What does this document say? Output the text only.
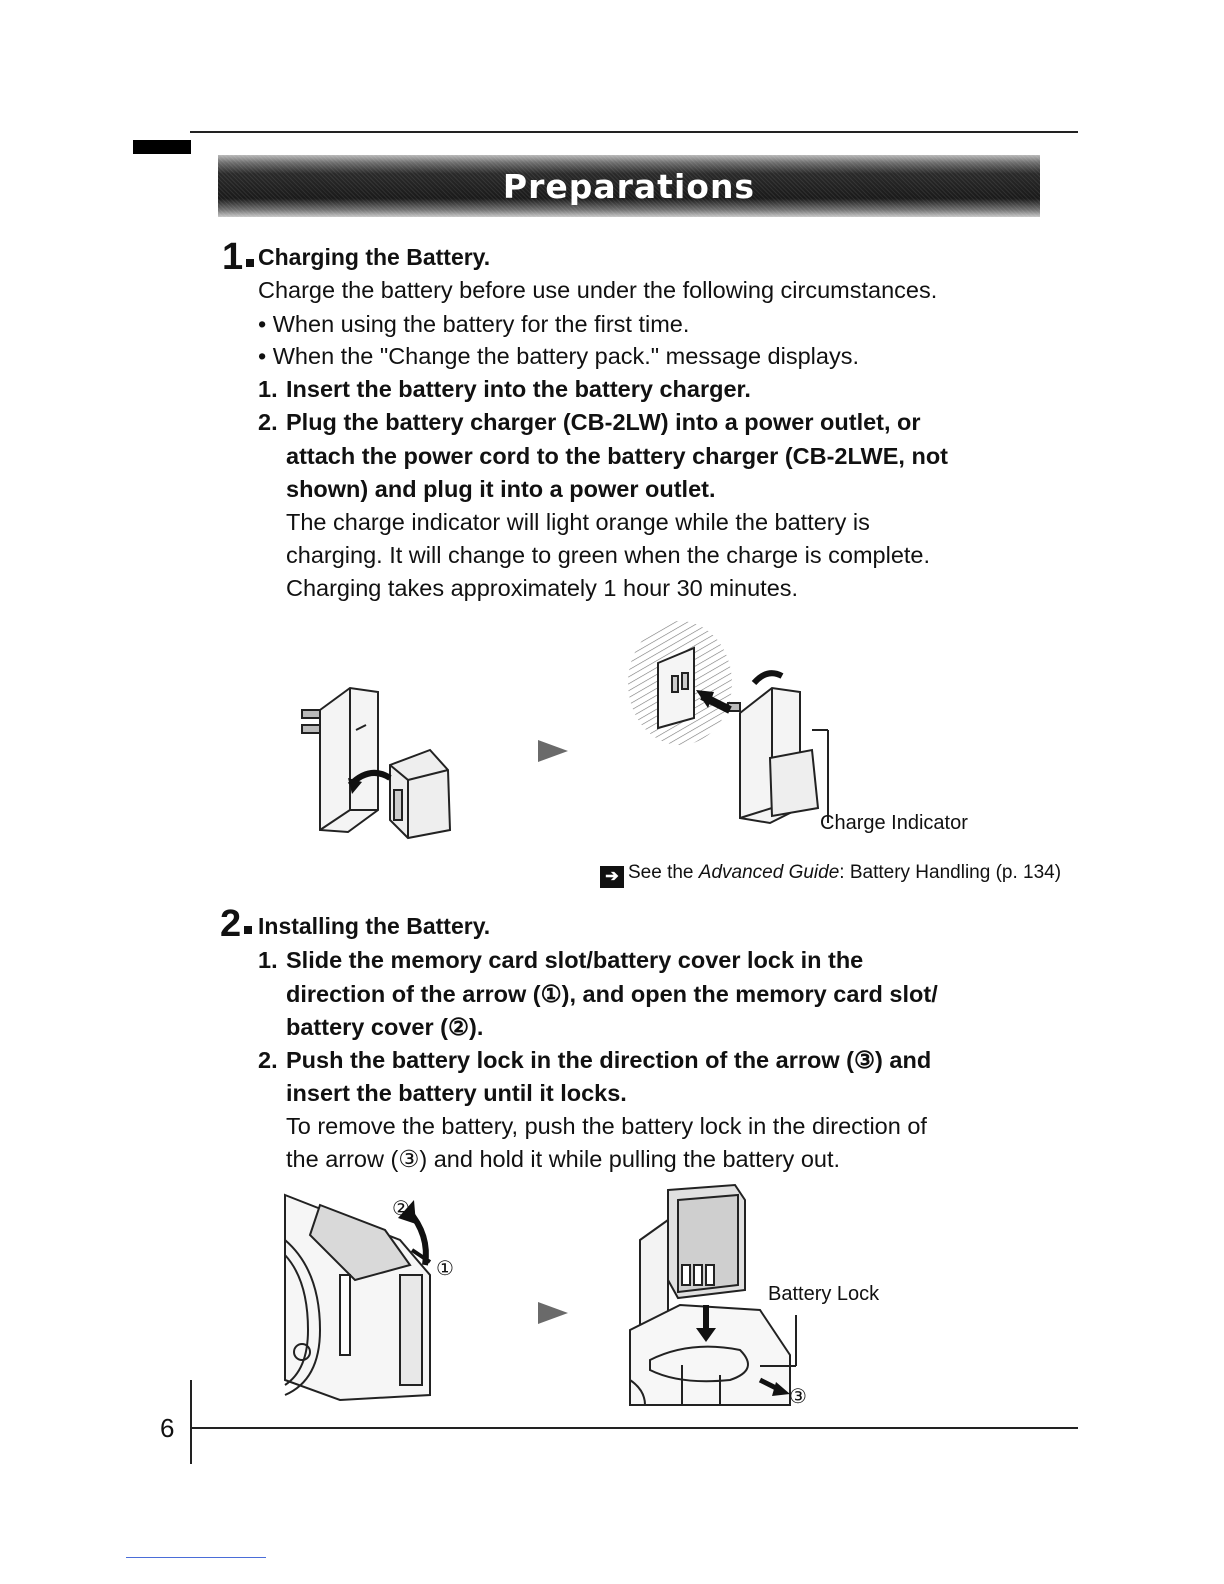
Preparations
1 Charging the Battery.
Charge the battery before use under the following circumstances.
• When using the battery for the first time.
• When the "Change the battery pack." message displays.
1. Insert the battery into the battery charger.
2. Plug the battery charger (CB-2LW) into a power outlet, or
attach the power cord to the battery charger (CB-2LWE, not
shown) and plug it into a power outlet.
The charge indicator will light orange while the battery is
charging. It will change to green when the charge is complete.
Charging takes approximately 1 hour 30 minutes.
Charge Indicator
➔ See the Advanced Guide: Battery Handling (p. 134)
2 Installing the Battery.
1. Slide the memory card slot/battery cover lock in the
direction of the arrow (①), and open the memory card slot/
battery cover (②).
2. Push the battery lock in the direction of the arrow (③) and
insert the battery until it locks.
To remove the battery, push the battery lock in the direction of
the arrow (③) and hold it while pulling the battery out.
②
①
Battery Lock
③
6
